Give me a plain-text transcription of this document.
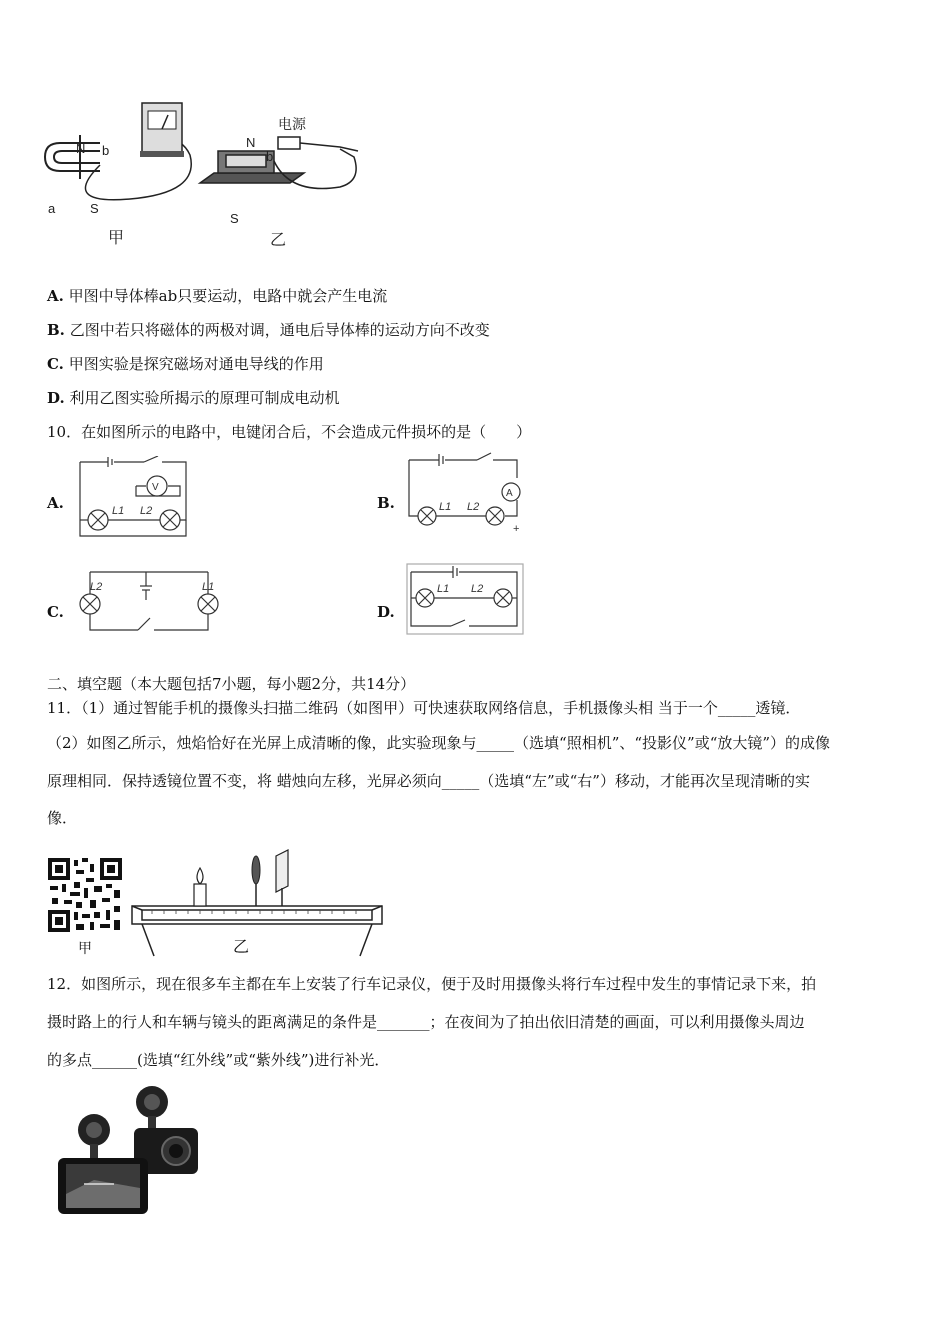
N b
a	S
甲
N
b
电源
S
乙
A. 甲图中导体棒ab只要运动，电路中就会产生电流
B. 乙图中若只将磁体的两极对调，通电后导体棒的运动方向不改变
C. 甲图实验是探究磁场对通电导线的作用
D. 利用乙图实验所揭示的原理可制成电动机
10．在如图所示的电路中，电键闭合后，不会造成元件损坏的是（　　）
A.
V
L1 L2	B.
A
+
L1 L2
C.
L2	L1
D.
L1 L2
二、填空题（本大题包括7小题，每小题2分，共14分）
11．（1）通过智能手机的摄像头扫描二维码（如图甲）可快速获取网络信息，手机摄像头相 当于一个_____透镜．
（2）如图乙所示，烛焰恰好在光屏上成清晰的像，此实验现象与_____（选填“照相机”、“投影仪”或“放大镜”）的成像
原理相同．保持透镜位置不变，将 蜡烛向左移，光屏必须向_____（选填“左”或“右”）移动，才能再次呈现清晰的实
像．
甲	乙
12．如图所示，现在很多车主都在车上安装了行车记录仪，便于及时用摄像头将行车过程中发生的事情记录下来，拍
摄时路上的行人和车辆与镜头的距离满足的条件是_______；在夜间为了拍出依旧清楚的画面，可以利用摄像头周边
的多点______(选填“红外线”或“紫外线”)进行补光．
